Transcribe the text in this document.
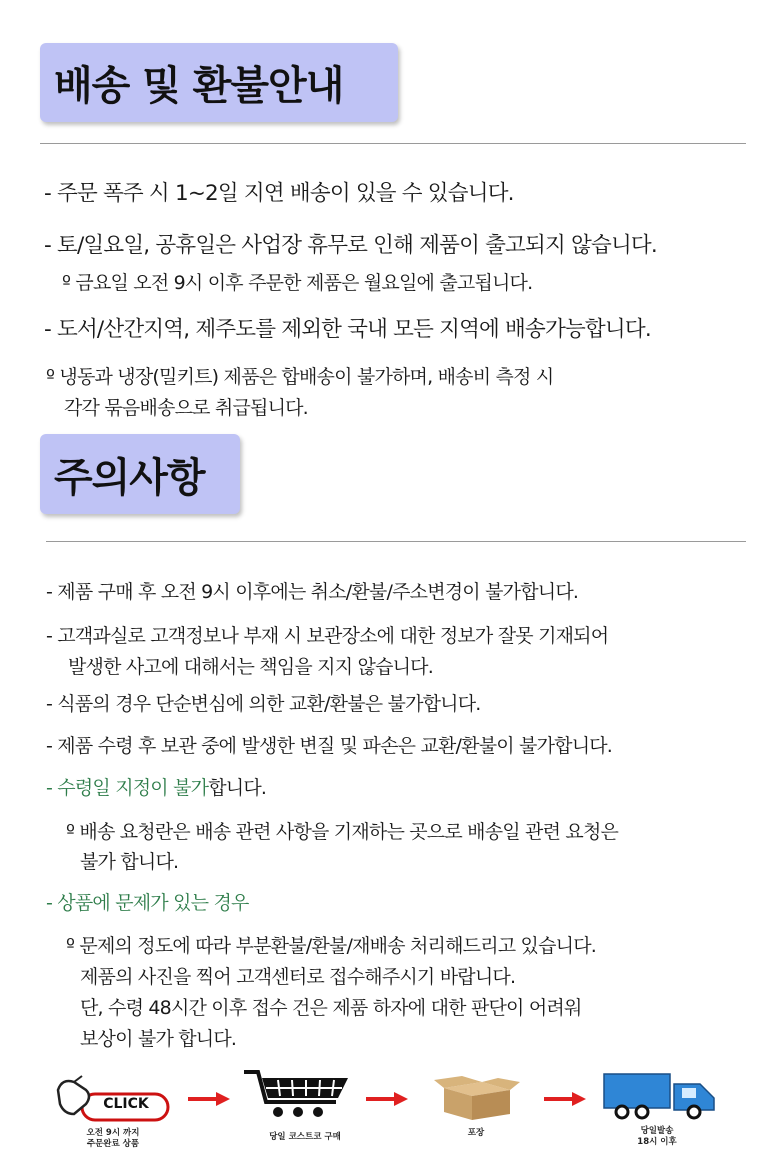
배송 및 환불안내
- 주문 폭주 시 1~2일 지연 배송이 있을 수 있습니다.
- 토/일요일, 공휴일은 사업장 휴무로 인해 제품이 출고되지 않습니다.
º 금요일 오전 9시 이후 주문한 제품은 월요일에 출고됩니다.
- 도서/산간지역, 제주도를 제외한 국내 모든 지역에 배송가능합니다.
º 냉동과 냉장(밀키트) 제품은 합배송이 불가하며, 배송비 측정 시
각각 묶음배송으로 취급됩니다.
주의사항
- 제품 구매 후 오전 9시 이후에는 취소/환불/주소변경이 불가합니다.
- 고객과실로 고객정보나 부재 시 보관장소에 대한 정보가 잘못 기재되어
발생한 사고에 대해서는 책임을 지지 않습니다.
- 식품의 경우 단순변심에 의한 교환/환불은 불가합니다.
- 제품 수령 후 보관 중에 발생한 변질 및 파손은 교환/환불이 불가합니다.
- 수령일 지정이 불가합니다.
º 배송 요청란은 배송 관련 사항을 기재하는 곳으로 배송일 관련 요청은
불가 합니다.
- 상품에 문제가 있는 경우
º 문제의 정도에 따라 부분환불/환불/재배송 처리해드리고 있습니다.
제품의 사진을 찍어 고객센터로 접수해주시기 바랍니다.
단, 수령 48시간 이후 접수 건은 제품 하자에 대한 판단이 어려워
보상이 불가 합니다.
CLICK
오전 9시 까지
주문완료 상품
당일 코스트코 구매	포장	당일발송
18시 이후
